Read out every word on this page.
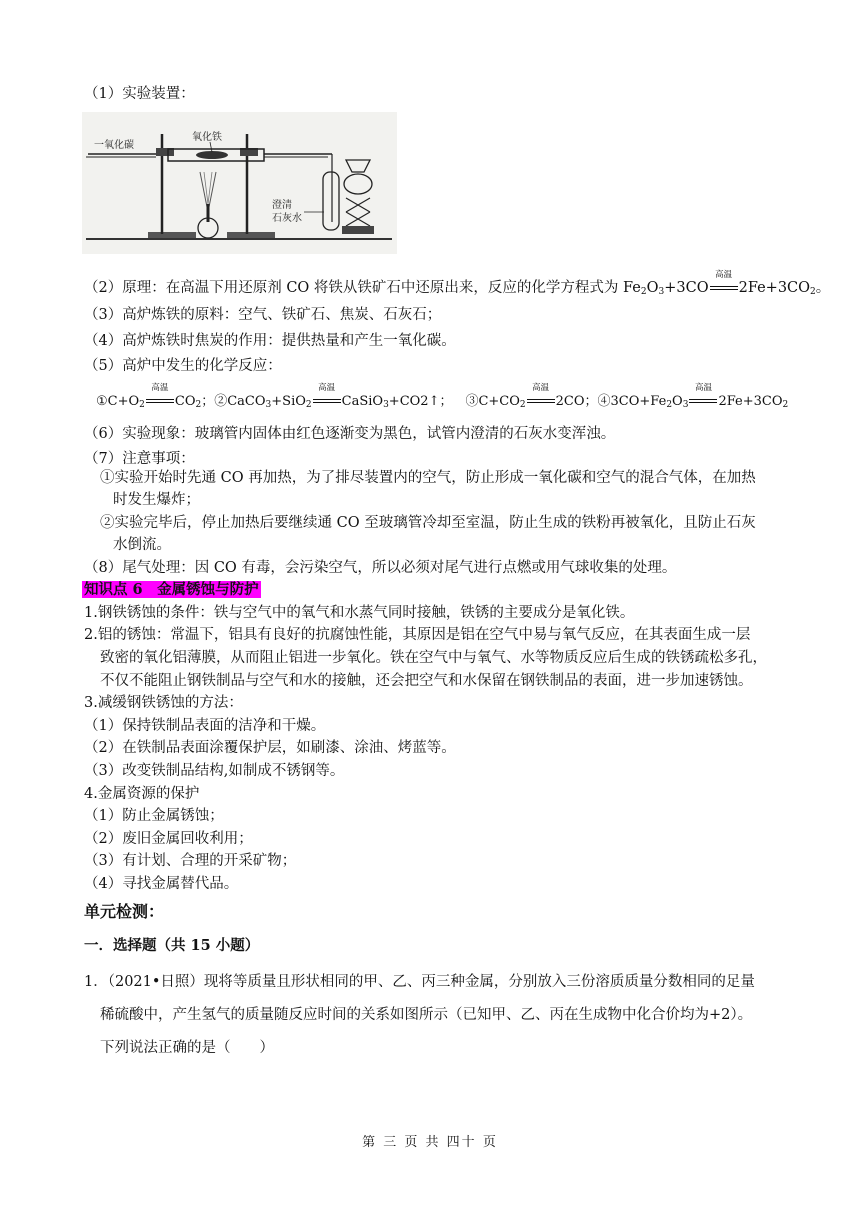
（1）实验装置：
一氧化碳
氧化铁
澄清
石灰水
（2）原理：在高温下用还原剂 CO 将铁从铁矿石中还原出来，反应的化学方程式为 $Fe_2O_3+3CO$
高温
$2Fe+3CO_2$。
（3）高炉炼铁的原料：空气、铁矿石、焦炭、石灰石；
（4）高炉炼铁时焦炭的作用：提供热量和产生一氧化碳。
（5）高炉中发生的化学反应：
$①C+O_2$
高温
$CO_2$；②CaCO$_3$+SiO$_2$
高温
CaSiO$_3$+CO2↑；  $③C+CO_2$
高温
2CO；$④3CO+Fe_2O_3$
高温
$2Fe+3CO_2$
（6）实验现象：玻璃管内固体由红色逐渐变为黑色，试管内澄清的石灰水变浑浊。
（7）注意事项：
①实验开始时先通 CO 再加热，为了排尽装置内的空气，防止形成一氧化碳和空气的混合气体，在加热
时发生爆炸；
②实验完毕后，停止加热后要继续通 CO 至玻璃管冷却至室温，防止生成的铁粉再被氧化，且防止石灰
水倒流。
（8）尾气处理：因 CO 有毒，会污染空气，所以必须对尾气进行点燃或用气球收集的处理。
知识点 6　金属锈蚀与防护
1.钢铁锈蚀的条件：铁与空气中的氧气和水蒸气同时接触，铁锈的主要成分是氧化铁。
2.铝的锈蚀：常温下，铝具有良好的抗腐蚀性能，其原因是铝在空气中易与氧气反应，在其表面生成一层
致密的氧化铝薄膜，从而阻止铝进一步氧化。铁在空气中与氧气、水等物质反应后生成的铁锈疏松多孔，
不仅不能阻止钢铁制品与空气和水的接触，还会把空气和水保留在钢铁制品的表面，进一步加速锈蚀。
3.减缓钢铁锈蚀的方法：
（1）保持铁制品表面的洁净和干燥。
（2）在铁制品表面涂覆保护层，如刷漆、涂油、烤蓝等。
（3）改变铁制品结构,如制成不锈钢等。
4.金属资源的保护
（1）防止金属锈蚀；
（2）废旧金属回收利用；
（3）有计划、合理的开采矿物；
（4）寻找金属替代品。
单元检测：
一．选择题（共 15 小题）
1．（2021•日照）现将等质量且形状相同的甲、乙、丙三种金属，分别放入三份溶质质量分数相同的足量
稀硫酸中，产生氢气的质量随反应时间的关系如图所示（已知甲、乙、丙在生成物中化合价均为+2）。
下列说法正确的是（　　）
第 三 页 共 四十 页
